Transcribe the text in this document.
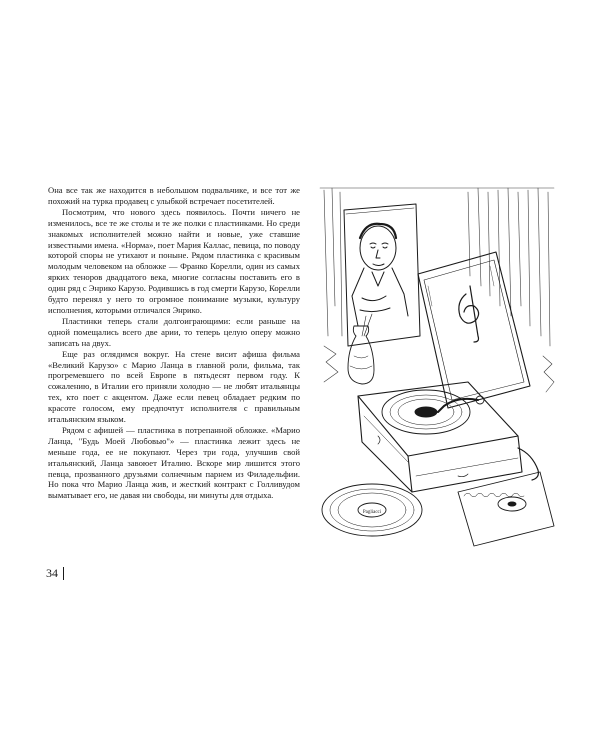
Она все так же находится в небольшом подвальчике, и все тот же похожий на турка продавец с улыбкой встречает посетителей.

Посмотрим, что нового здесь появилось. Почти ничего не изменилось, все те же столы и те же полки с пластинками. Но среди знакомых исполнителей можно найти и новые, уже ставшие известными имена. «Норма», поет Мария Каллас, певица, по поводу которой споры не утихают и поныне. Рядом пластинка с красивым молодым человеком на обложке — Франко Корелли, один из самых ярких теноров двадцатого века, многие согласны поставить его в один ряд с Энрико Карузо. Родившись в год смерти Карузо, Корелли будто перенял у него то огромное понимание музыки, культуру исполнения, которыми отличался Энрико.

Пластинки теперь стали долгоиграющими: если раньше на одной помещались всего две арии, то теперь целую оперу можно записать на двух.

Еще раз оглядимся вокруг. На стене висит афиша фильма «Великий Карузо» с Марио Ланца в главной роли, фильма, так прогремевшего по всей Европе в пятьдесят первом году. К сожалению, в Италии его приняли холодно — не любят итальянцы тех, кто поет с акцентом. Даже если певец обладает редким по красоте голосом, ему предпочтут исполнителя с правильным итальянским языком.

Рядом с афишей — пластинка в потрепанной обложке. «Марио Ланца, "Будь Моей Любовью"» — пластинка лежит здесь не меньше года, ее не покупают. Через три года, улучшив свой итальянский, Ланца завоюет Италию. Вскоре мир лишится этого певца, прозванного друзьями солнечным парнем из Филадельфии. Но пока что Марио Ланца жив, и жесткий контракт с Голливудом выматывает его, не давая ни свободы, ни минуты для отдыха.

34
Pagliacci
